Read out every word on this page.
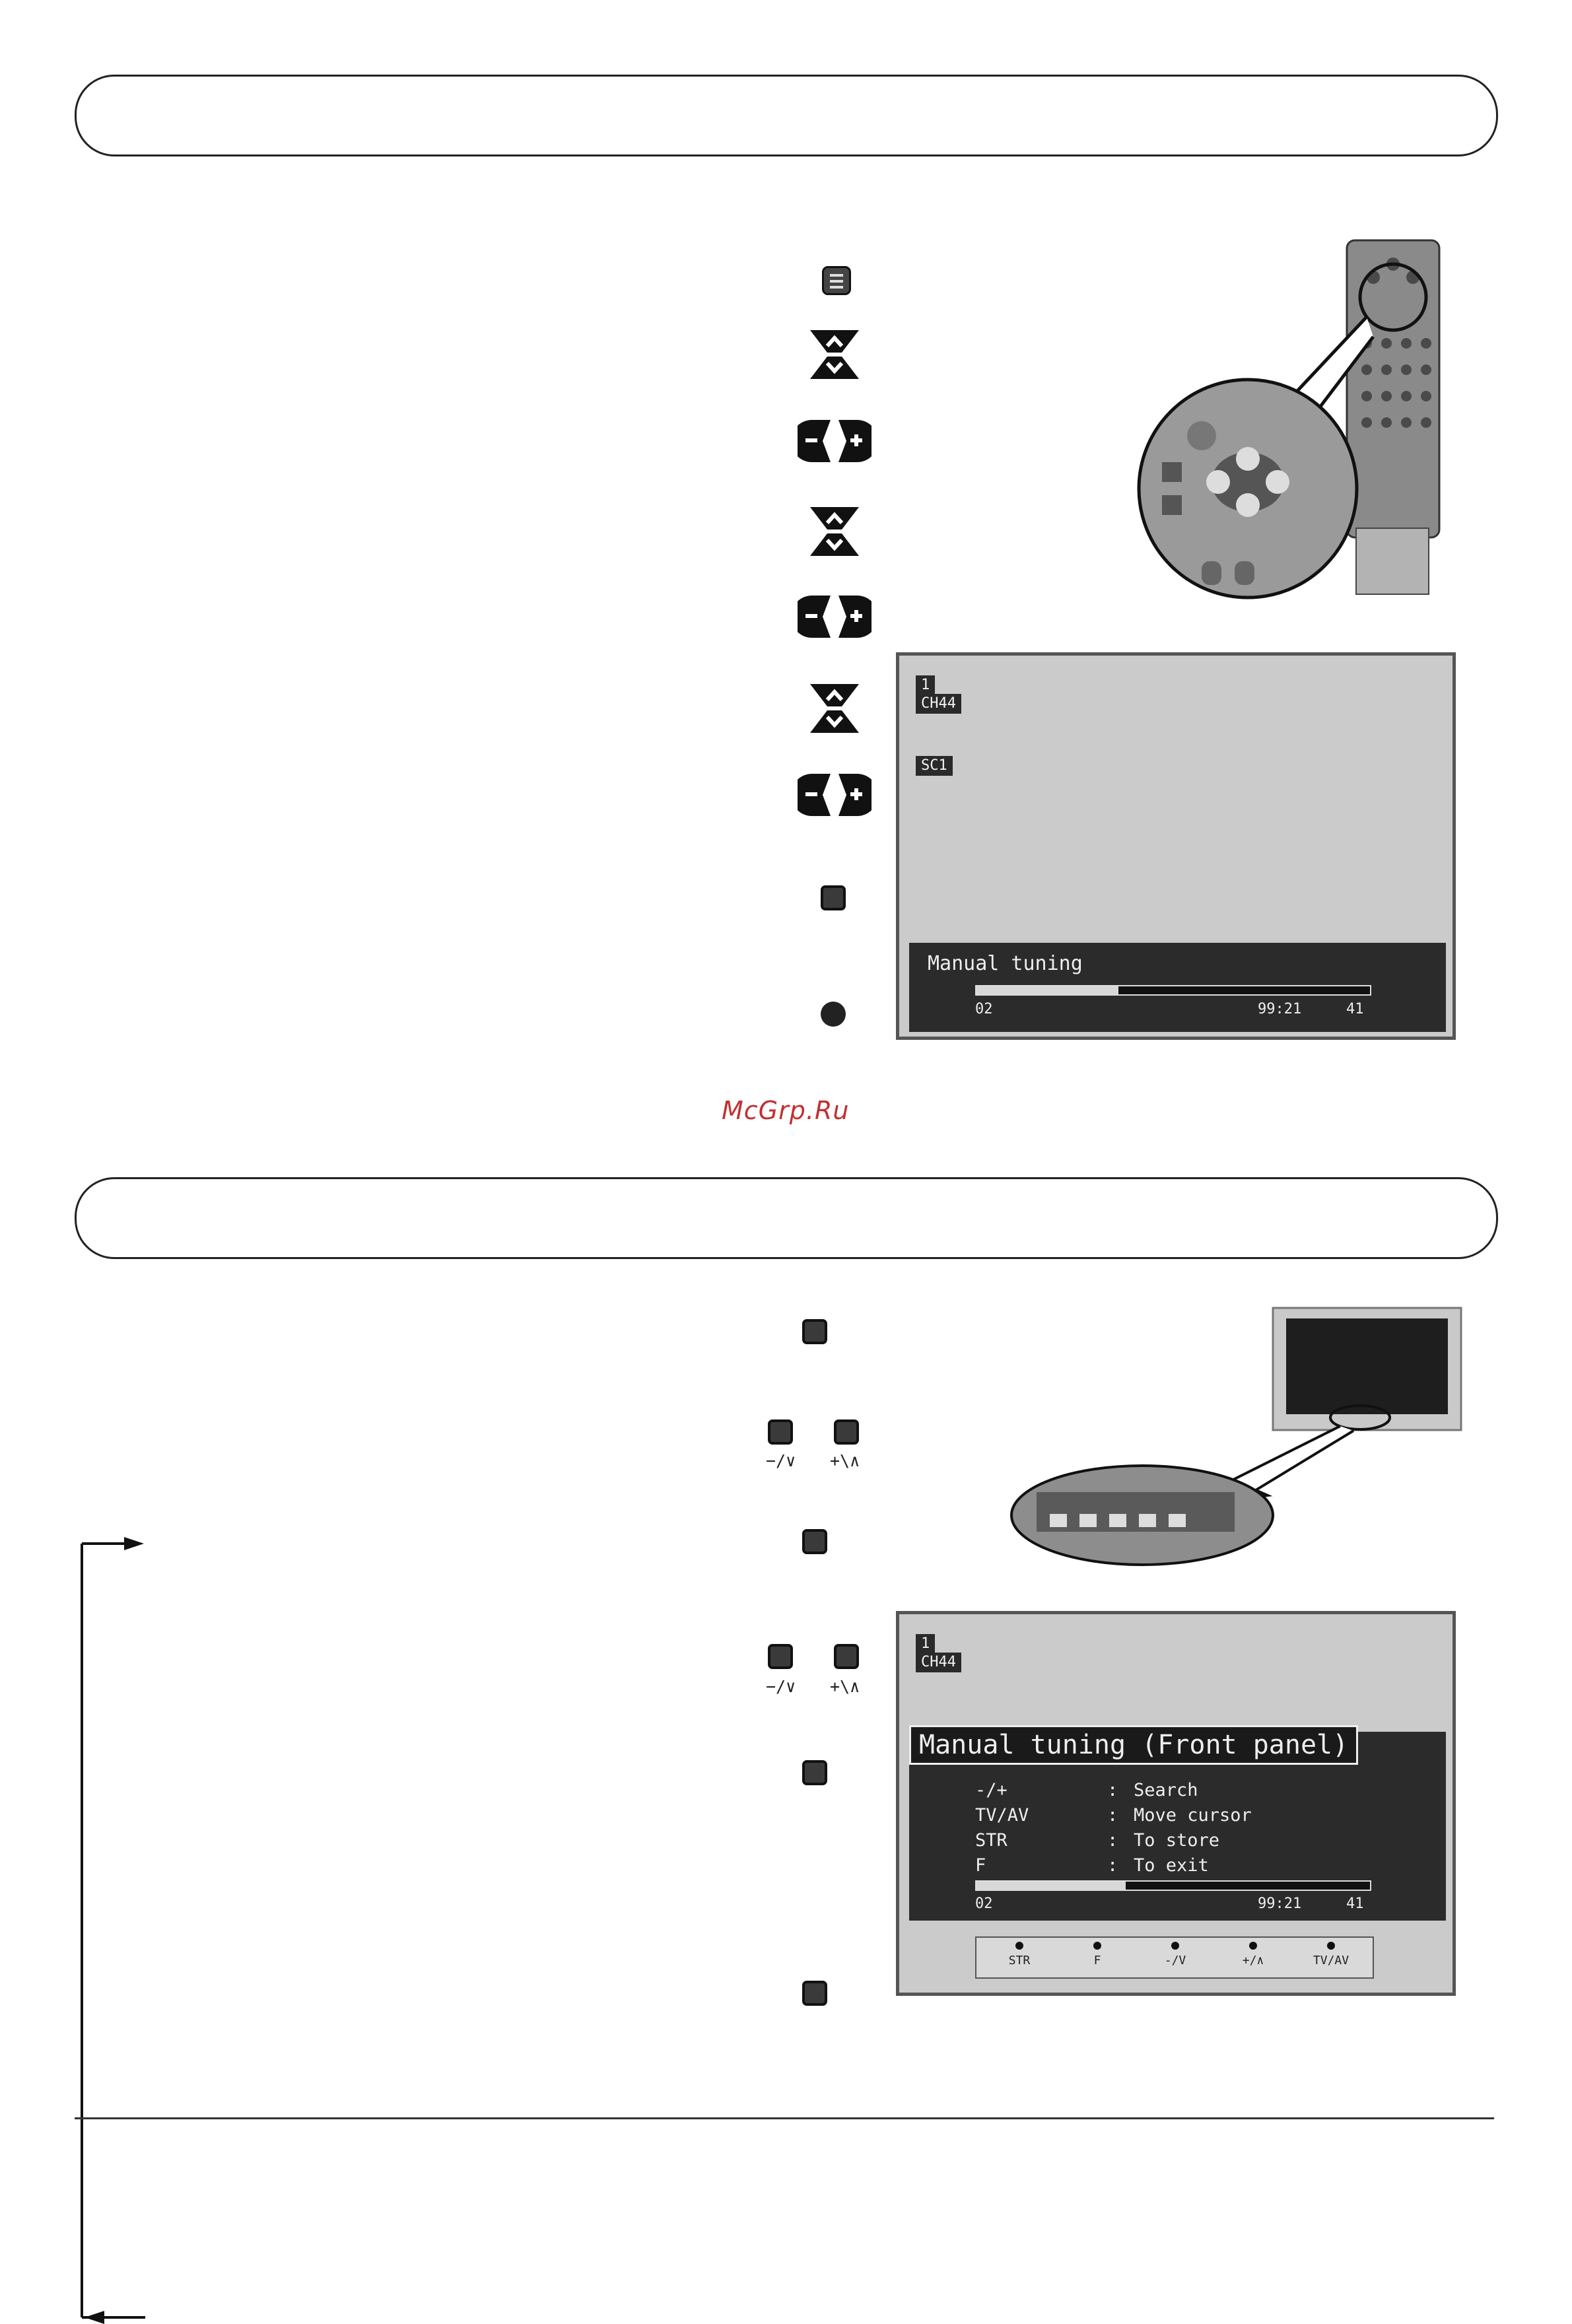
1
CH44
SC1
Manual tuning
02	99:21	41
McGrp.Ru
−/∨ +\∧
−/∨ +\∧
1
CH44
Manual tuning (Front panel)
-/+	: Search
TV/AV	: Move cursor
STR	: To store
F	: To exit
02	99:21	41
STR	F	-/V	+/∧	TV/AV
